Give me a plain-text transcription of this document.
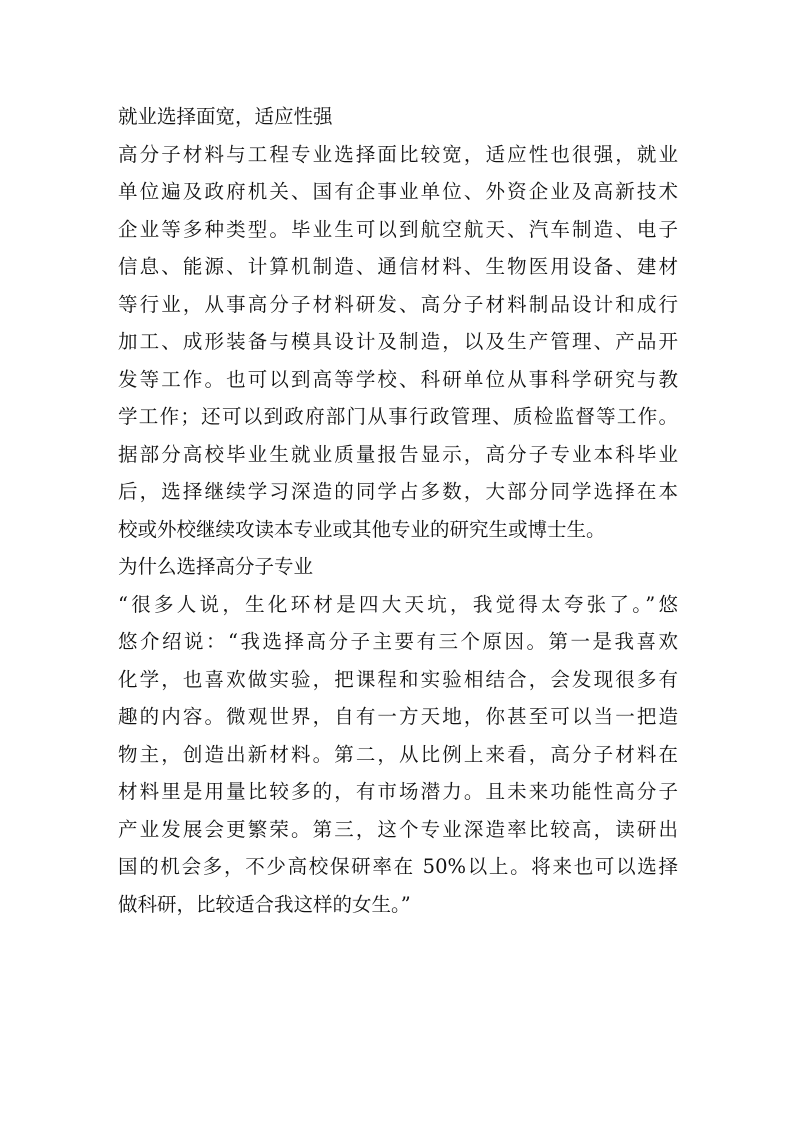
就业选择面宽，适应性强
高分子材料与工程专业选择面比较宽，适应性也很强，就业
单位遍及政府机关、国有企事业单位、外资企业及高新技术
企业等多种类型。毕业生可以到航空航天、汽车制造、电子
信息、能源、计算机制造、通信材料、生物医用设备、建材
等行业，从事高分子材料研发、高分子材料制品设计和成行
加工、成形装备与模具设计及制造，以及生产管理、产品开
发等工作。也可以到高等学校、科研单位从事科学研究与教
学工作；还可以到政府部门从事行政管理、质检监督等工作。
据部分高校毕业生就业质量报告显示，高分子专业本科毕业
后，选择继续学习深造的同学占多数，大部分同学选择在本
校或外校继续攻读本专业或其他专业的研究生或博士生。
为什么选择高分子专业
“很多人说，生化环材是四大天坑，我觉得太夸张了。”悠
悠介绍说：“我选择高分子主要有三个原因。第一是我喜欢
化学，也喜欢做实验，把课程和实验相结合，会发现很多有
趣的内容。微观世界，自有一方天地，你甚至可以当一把造
物主，创造出新材料。第二，从比例上来看，高分子材料在
材料里是用量比较多的，有市场潜力。且未来功能性高分子
产业发展会更繁荣。第三，这个专业深造率比较高，读研出
国的机会多，不少高校保研率在 50%以上。将来也可以选择
做科研，比较适合我这样的女生。”
